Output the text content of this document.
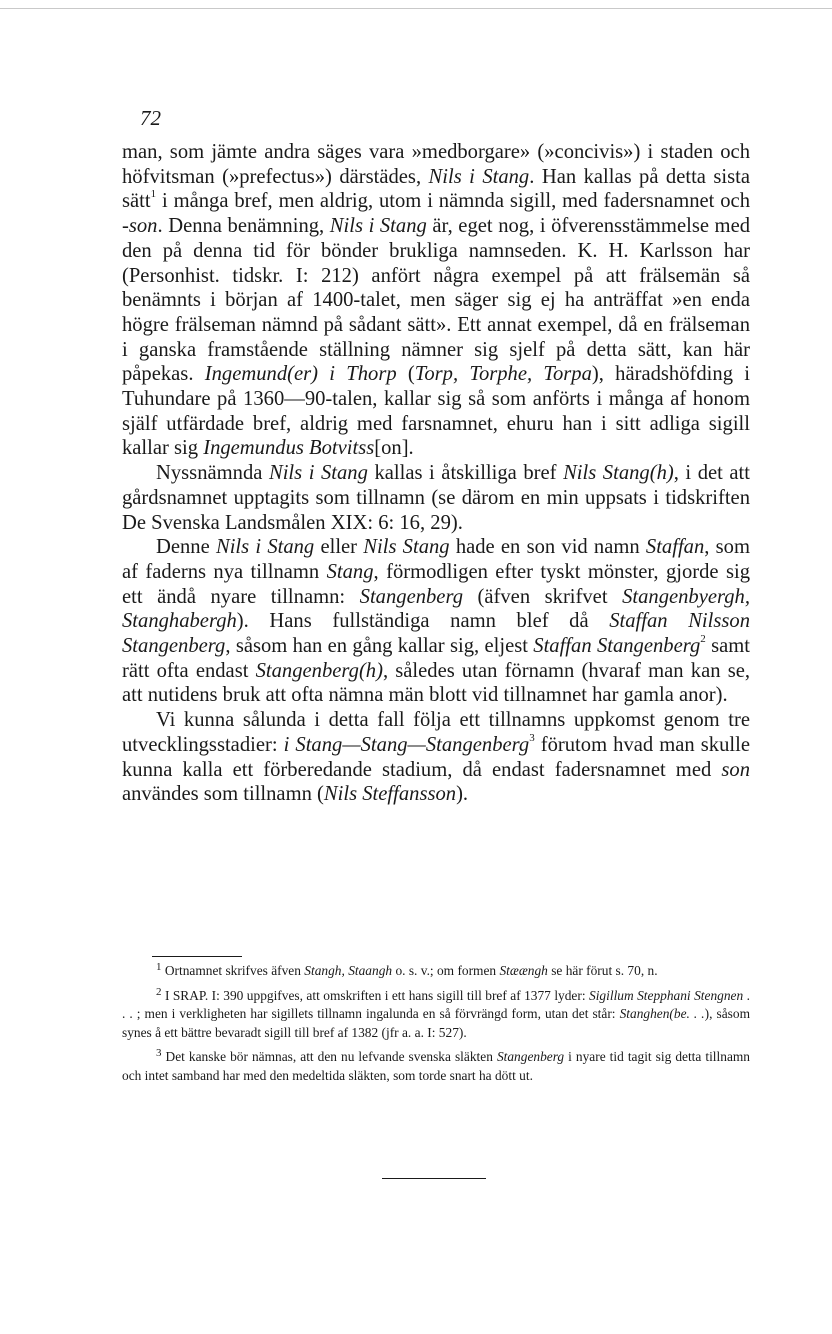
72

man, som jämte andra säges vara »medborgare» (»concivis») i staden och höfvitsman (»prefectus») därstädes, Nils i Stang. Han kallas på detta sista sätt$^1$ i många bref, men aldrig, utom i nämnda sigill, med fadersnamnet och -son. Denna benämning, Nils i Stang är, eget nog, i öfverensstämmelse med den på denna tid för bönder brukliga namnseden. K. H. Karlsson har (Personhist. tidskr. I: 212) anfört några exempel på att frälsemän så benämnts i början af 1400-talet, men säger sig ej ha anträffat »en enda högre frälseman nämnd på sådant sätt». Ett annat exempel, då en frälseman i ganska framstående ställning nämner sig sjelf på detta sätt, kan här påpekas. Ingemund(er) i Thorp (Torp, Torphe, Torpa), häradshöfding i Tuhundare på 1360—90-talen, kallar sig så som anförts i många af honom själf utfärdade bref, aldrig med farsnamnet, ehuru han i sitt adliga sigill kallar sig Ingemundus Botvitss[on].

Nyssnämnda Nils i Stang kallas i åtskilliga bref Nils Stang(h), i det att gårdsnamnet upptagits som tillnamn (se därom en min uppsats i tidskriften De Svenska Landsmålen XIX: 6: 16, 29).

Denne Nils i Stang eller Nils Stang hade en son vid namn Staffan, som af faderns nya tillnamn Stang, förmodligen efter tyskt mönster, gjorde sig ett ändå nyare tillnamn: Stangenberg (äfven skrifvet Stangenbyergh, Stanghabergh). Hans fullständiga namn blef då Staffan Nilsson Stangenberg, såsom han en gång kallar sig, eljest Staffan Stangenberg$^2$ samt rätt ofta endast Stangenberg(h), således utan förnamn (hvaraf man kan se, att nutidens bruk att ofta nämna män blott vid tillnamnet har gamla anor).

Vi kunna sålunda i detta fall följa ett tillnamns uppkomst genom tre utvecklingsstadier: i Stang—Stang—Stangenberg$^3$ förutom hvad man skulle kunna kalla ett förberedande stadium, då endast fadersnamnet med son användes som tillnamn (Nils Steffansson).

$^1$ Ortnamnet skrifves äfven Stangh, Staangh o. s. v.; om formen Stæængh se här förut s. 70, n.

$^2$ I SRAP. I: 390 uppgifves, att omskriften i ett hans sigill till bref af 1377 lyder: Sigillum Stepphani Stengnen . . . ; men i verkligheten har sigillets tillnamn ingalunda en så förvrängd form, utan det står: Stanghen(be. . .), såsom synes å ett bättre bevaradt sigill till bref af 1382 (jfr a. a. I: 527).

$^3$ Det kanske bör nämnas, att den nu lefvande svenska släkten Stangenberg i nyare tid tagit sig detta tillnamn och intet samband har med den medeltida släkten, som torde snart ha dött ut.
